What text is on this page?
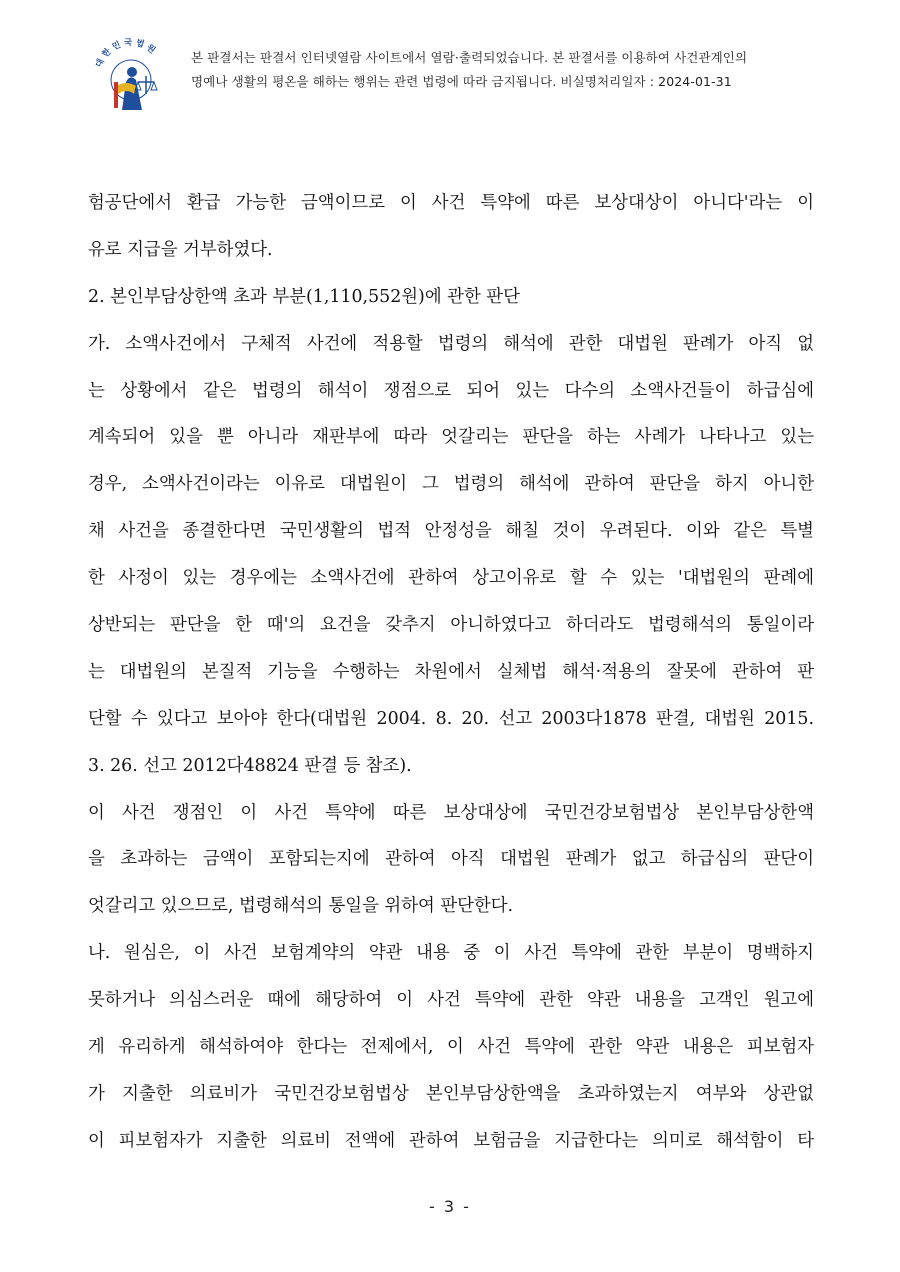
대한민국법원	본 판결서는 판결서 인터넷열람 사이트에서 열람·출력되었습니다. 본 판결서를 이용하여 사건관계인의
명예나 생활의 평온을 해하는 행위는 관련 법령에 따라 금지됩니다. 비실명처리일자 : 2024-01-31
험공단에서 환급 가능한 금액이므로 이 사건 특약에 따른 보상대상이 아니다'라는 이
유로 지급을 거부하였다.
2. 본인부담상한액 초과 부분(1,110,552원)에 관한 판단
가. 소액사건에서 구체적 사건에 적용할 법령의 해석에 관한 대법원 판례가 아직 없
는 상황에서 같은 법령의 해석이 쟁점으로 되어 있는 다수의 소액사건들이 하급심에
계속되어 있을 뿐 아니라 재판부에 따라 엇갈리는 판단을 하는 사례가 나타나고 있는
경우, 소액사건이라는 이유로 대법원이 그 법령의 해석에 관하여 판단을 하지 아니한
채 사건을 종결한다면 국민생활의 법적 안정성을 해칠 것이 우려된다. 이와 같은 특별
한 사정이 있는 경우에는 소액사건에 관하여 상고이유로 할 수 있는 '대법원의 판례에
상반되는 판단을 한 때'의 요건을 갖추지 아니하였다고 하더라도 법령해석의 통일이라
는 대법원의 본질적 기능을 수행하는 차원에서 실체법 해석·적용의 잘못에 관하여 판
단할 수 있다고 보아야 한다(대법원 2004. 8. 20. 선고 2003다1878 판결, 대법원 2015.
3. 26. 선고 2012다48824 판결 등 참조).
이 사건 쟁점인 이 사건 특약에 따른 보상대상에 국민건강보험법상 본인부담상한액
을 초과하는 금액이 포함되는지에 관하여 아직 대법원 판례가 없고 하급심의 판단이
엇갈리고 있으므로, 법령해석의 통일을 위하여 판단한다.
나. 원심은, 이 사건 보험계약의 약관 내용 중 이 사건 특약에 관한 부분이 명백하지
못하거나 의심스러운 때에 해당하여 이 사건 특약에 관한 약관 내용을 고객인 원고에
게 유리하게 해석하여야 한다는 전제에서, 이 사건 특약에 관한 약관 내용은 피보험자
가 지출한 의료비가 국민건강보험법상 본인부담상한액을 초과하였는지 여부와 상관없
이 피보험자가 지출한 의료비 전액에 관하여 보험금을 지급한다는 의미로 해석함이 타
- 3 -
